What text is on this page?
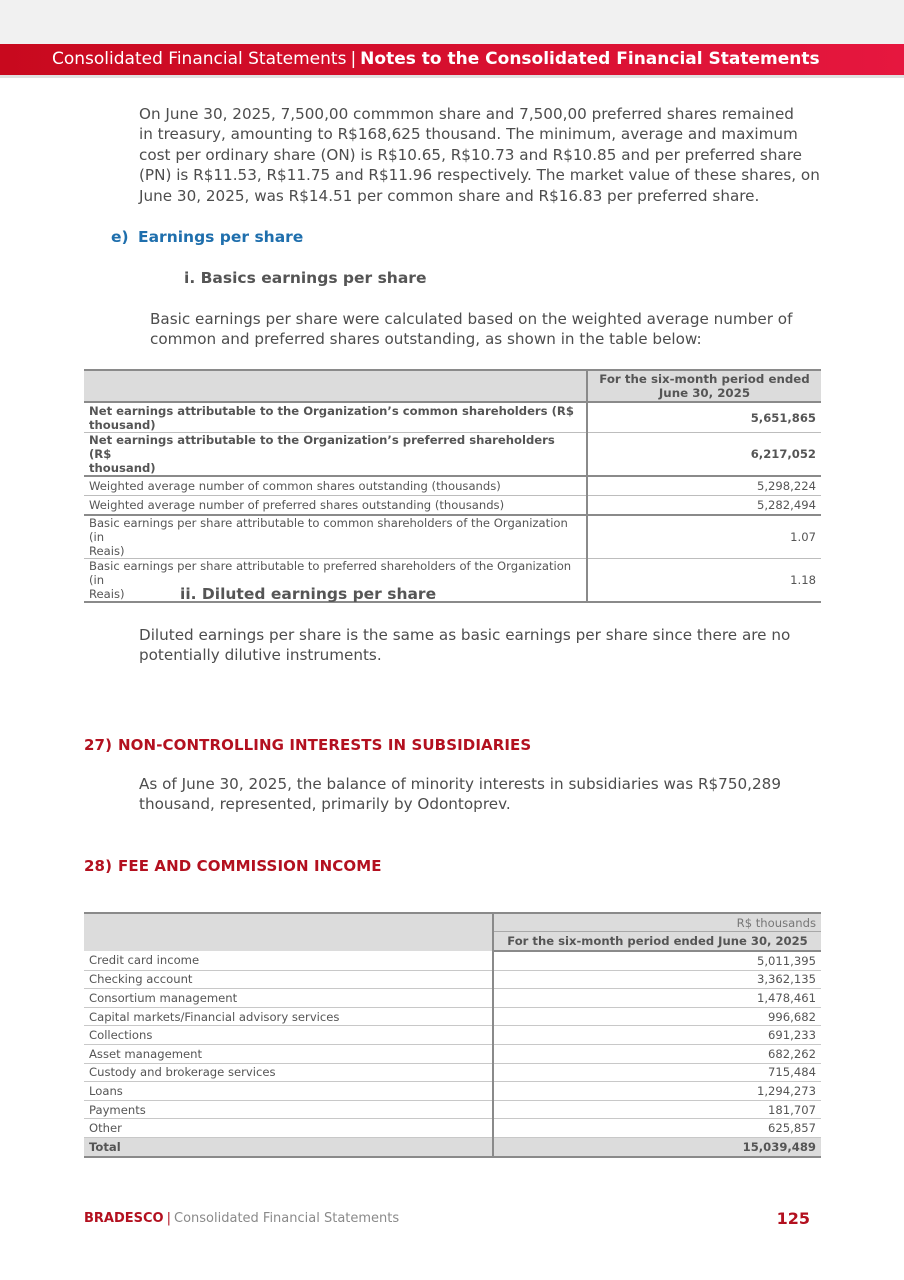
Consolidated Financial Statements | Notes to the Consolidated Financial Statements
On June 30, 2025, 7,500,00 commmon share and 7,500,00 preferred shares remained
in treasury, amounting to R$168,625 thousand. The minimum, average and maximum
cost per ordinary share (ON) is R$10.65, R$10.73 and R$10.85 and per preferred share
(PN) is R$11.53, R$11.75 and R$11.96 respectively. The market value of these shares, on
June 30, 2025, was R$14.51 per common share and R$16.83 per preferred share.
e) Earnings per share
i. Basics earnings per share
Basic earnings per share were calculated based on the weighted average number of
common and preferred shares outstanding, as shown in the table below:

	For the six-month period ended
June 30, 2025

Net earnings attributable to the Organization’s common shareholders (R$
thousand)	5,651,865

Net earnings attributable to the Organization’s preferred shareholders (R$
thousand)	6,217,052
Weighted average number of common shares outstanding (thousands)	5,298,224
Weighted average number of preferred shares outstanding (thousands)	5,282,494

Basic earnings per share attributable to common shareholders of the Organization (in
Reais)	1.07

Basic earnings per share attributable to preferred shareholders of the Organization (in
Reais)	1.18
ii. Diluted earnings per share
Diluted earnings per share is the same as basic earnings per share since there are no
potentially dilutive instruments.
27) NON-CONTROLLING INTERESTS IN SUBSIDIARIES
As of June 30, 2025, the balance of minority interests in subsidiaries was R$750,289
thousand, represented, primarily by Odontoprev.
28) FEE AND COMMISSION INCOME
	R$ thousands
	For the six-month period ended June 30, 2025
Credit card income	5,011,395
Checking account	3,362,135
Consortium management	1,478,461
Capital markets/Financial advisory services	996,682
Collections	691,233
Asset management	682,262
Custody and brokerage services	715,484
Loans	1,294,273
Payments	181,707
Other	625,857
Total	15,039,489
BRADESCO | Consolidated Financial Statements	125
